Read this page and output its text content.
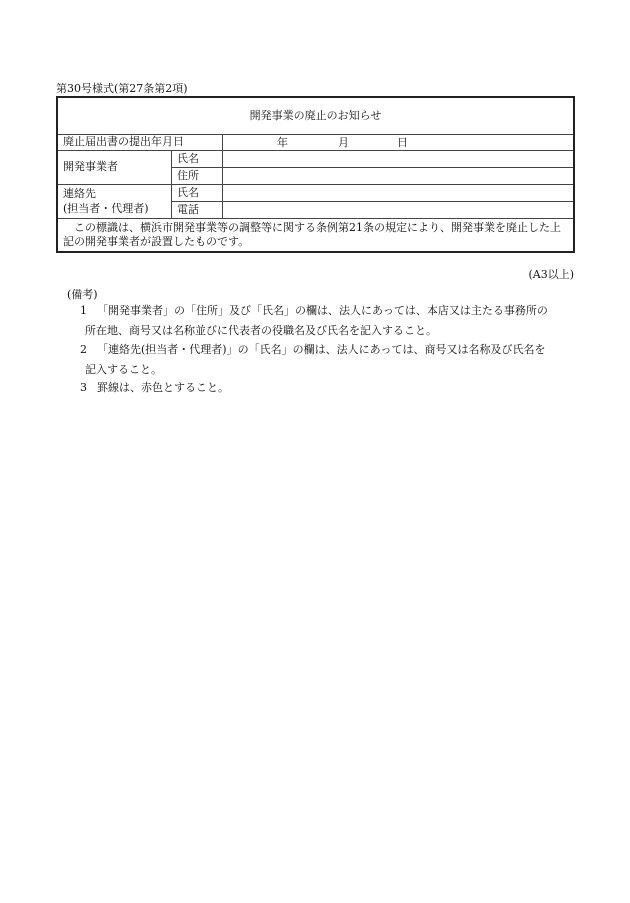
第30号様式(第27条第2項)
開発事業の廃止のお知らせ		
廃止届出書の提出年月日		年 月 日

開発事業者	氏名	
	住所	
連絡先
(担当者・代理者)	氏名	
	電話	
この標識は、横浜市開発事業等の調整等に関する条例第21条の規定により、開発事業を廃止した上記の開発事業者が設置したものです。		
(A3以上)
(備考)
1 「開発事業者」の「住所」及び「氏名」の欄は、法人にあっては、本店又は主たる事務所の
所在地、商号又は名称並びに代表者の役職名及び氏名を記入すること。
2 「連絡先(担当者・代理者)」の「氏名」の欄は、法人にあっては、商号又は名称及び氏名を
記入すること。
3 罫線は、赤色とすること。
